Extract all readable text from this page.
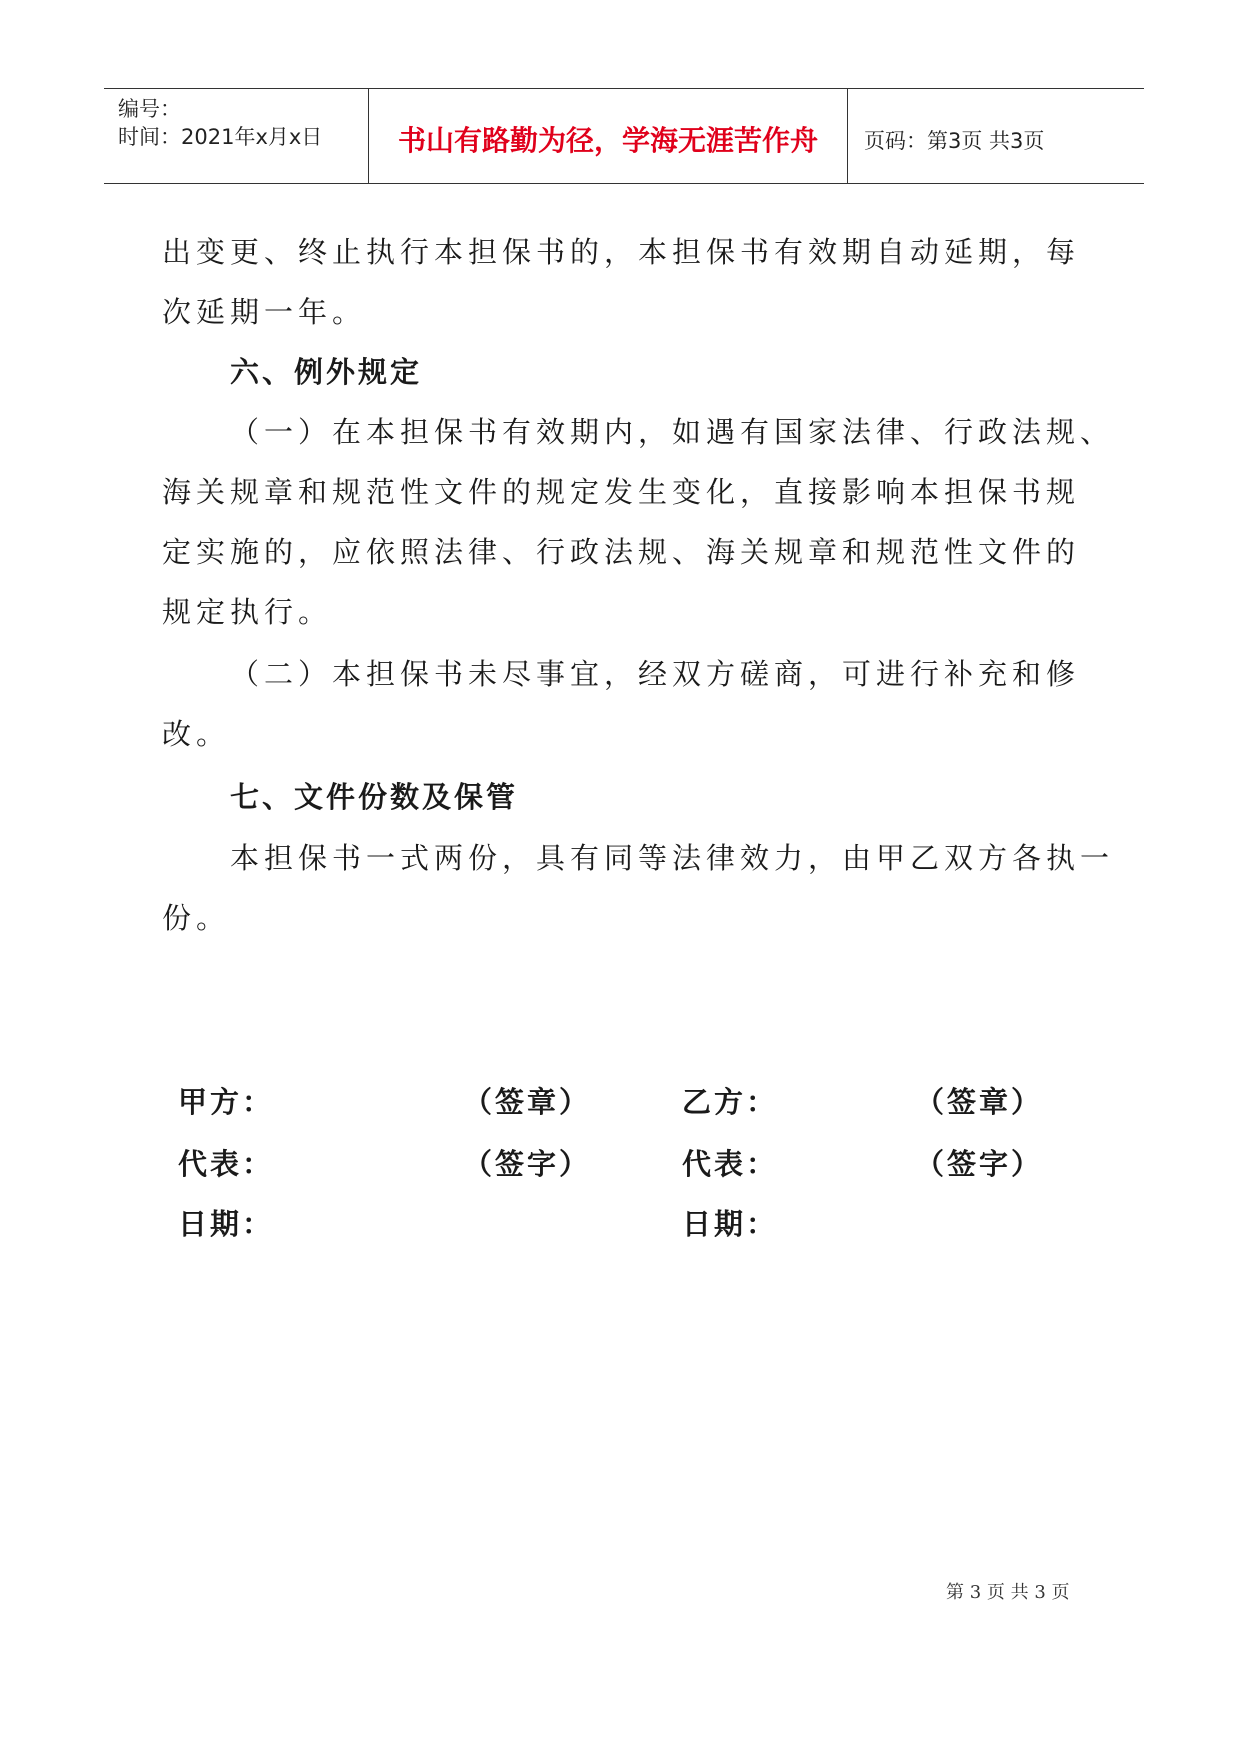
编号：
时间：2021年x月x日	书山有路勤为径，学海无涯苦作舟	页码：第3页 共3页
出变更、终止执行本担保书的，本担保书有效期自动延期，每
次延期一年。
六、例外规定
（一）在本担保书有效期内，如遇有国家法律、行政法规、
海关规章和规范性文件的规定发生变化，直接影响本担保书规
定实施的，应依照法律、行政法规、海关规章和规范性文件的
规定执行。
（二）本担保书未尽事宜，经双方磋商，可进行补充和修
改。
七、文件份数及保管
本担保书一式两份，具有同等法律效力，由甲乙双方各执一
份。
甲方：	（签章）	乙方：	（签章）
代表：	（签字）	代表：	（签字）
日期：	日期：
第 3 页 共 3 页
